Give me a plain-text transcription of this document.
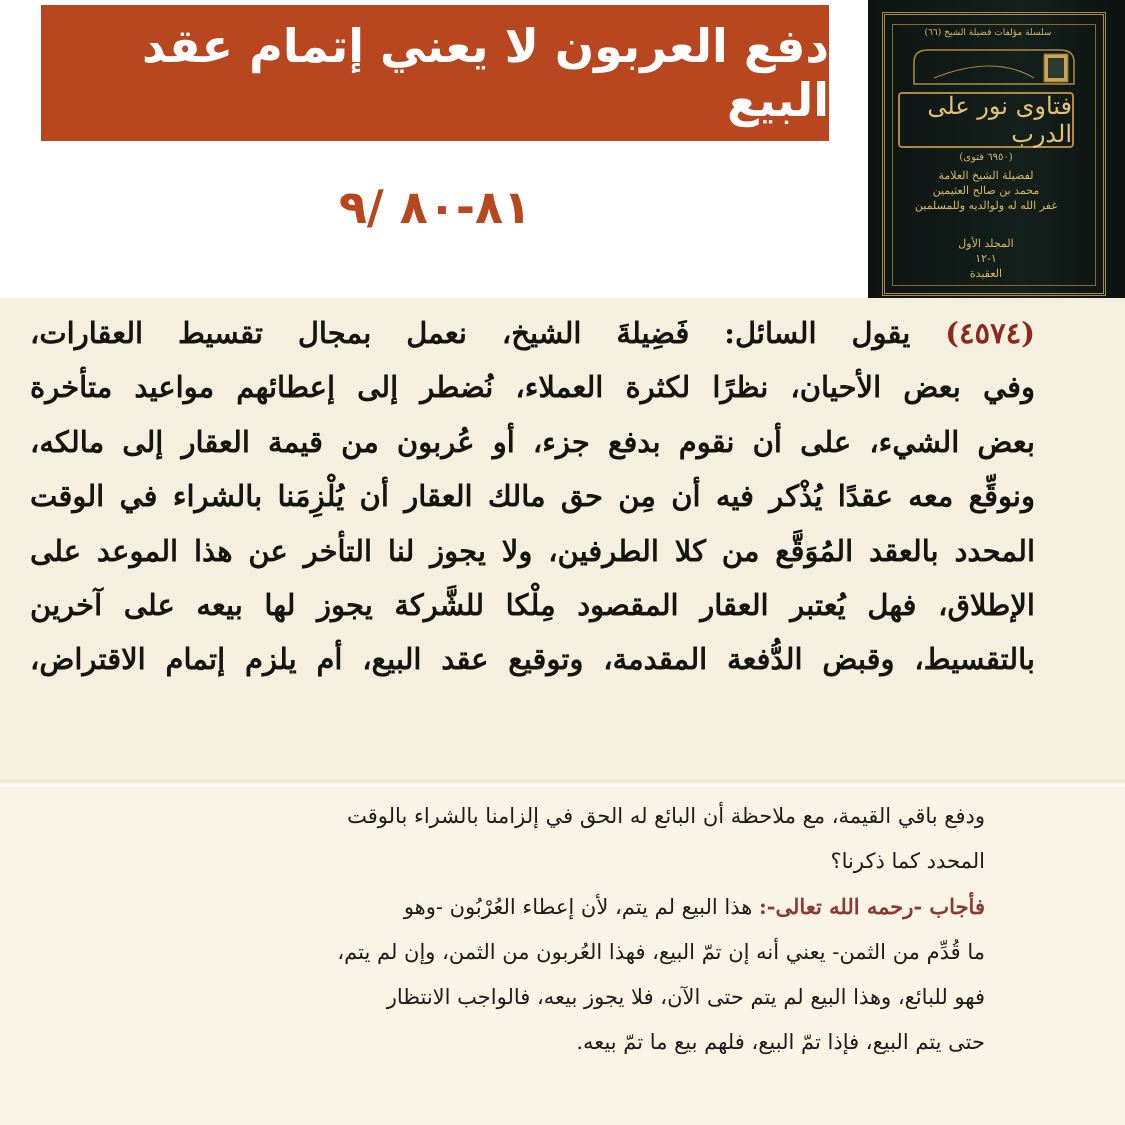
دفع العربون لا يعني إتمام عقد البيع
٨١-٨٠ /٩
سلسلة مؤلفات فضيلة الشيخ (٦٦)
فتاوى نور على الدرب
(٦٩٥٠ فتوى)
لفضيلة الشيخ العلامة
محمد بن صالح العثيمين
غفر الله له ولوالديه وللمسلمين
المجلد الأول
١-١٢
العقيدة
(٤٥٧٤) يقول السائل: فَضِيلةَ الشيخ، نعمل بمجال تقسيط العقارات،
وفي بعض الأحيان، نظرًا لكثرة العملاء، نُضطر إلى إعطائهم مواعيد متأخرة
بعض الشيء، على أن نقوم بدفع جزء، أو عُربون من قيمة العقار إلى مالكه،
ونوقِّع معه عقدًا يُذْكر فيه أن مِن حق مالك العقار أن يُلْزِمَنا بالشراء في الوقت
المحدد بالعقد المُوَقَّع من كلا الطرفين، ولا يجوز لنا التأخر عن هذا الموعد على
الإطلاق، فهل يُعتبر العقار المقصود مِلْكا للشَّركة يجوز لها بيعه على آخرين
بالتقسيط، وقبض الدُّفعة المقدمة، وتوقيع عقد البيع، أم يلزم إتمام الاقتراض،
ودفع باقي القيمة، مع ملاحظة أن البائع له الحق في إلزامنا بالشراء بالوقت
المحدد كما ذكرنا؟
فأجاب -رحمه الله تعالى-: هذا البيع لم يتم، لأن إعطاء العُرْبُون -وهو
ما قُدِّم من الثمن- يعني أنه إن تمّ البيع، فهذا العُربون من الثمن، وإن لم يتم،
فهو للبائع، وهذا البيع لم يتم حتى الآن، فلا يجوز بيعه، فالواجب الانتظار
حتى يتم البيع، فإذا تمّ البيع، فلهم بيع ما تمّ بيعه.
